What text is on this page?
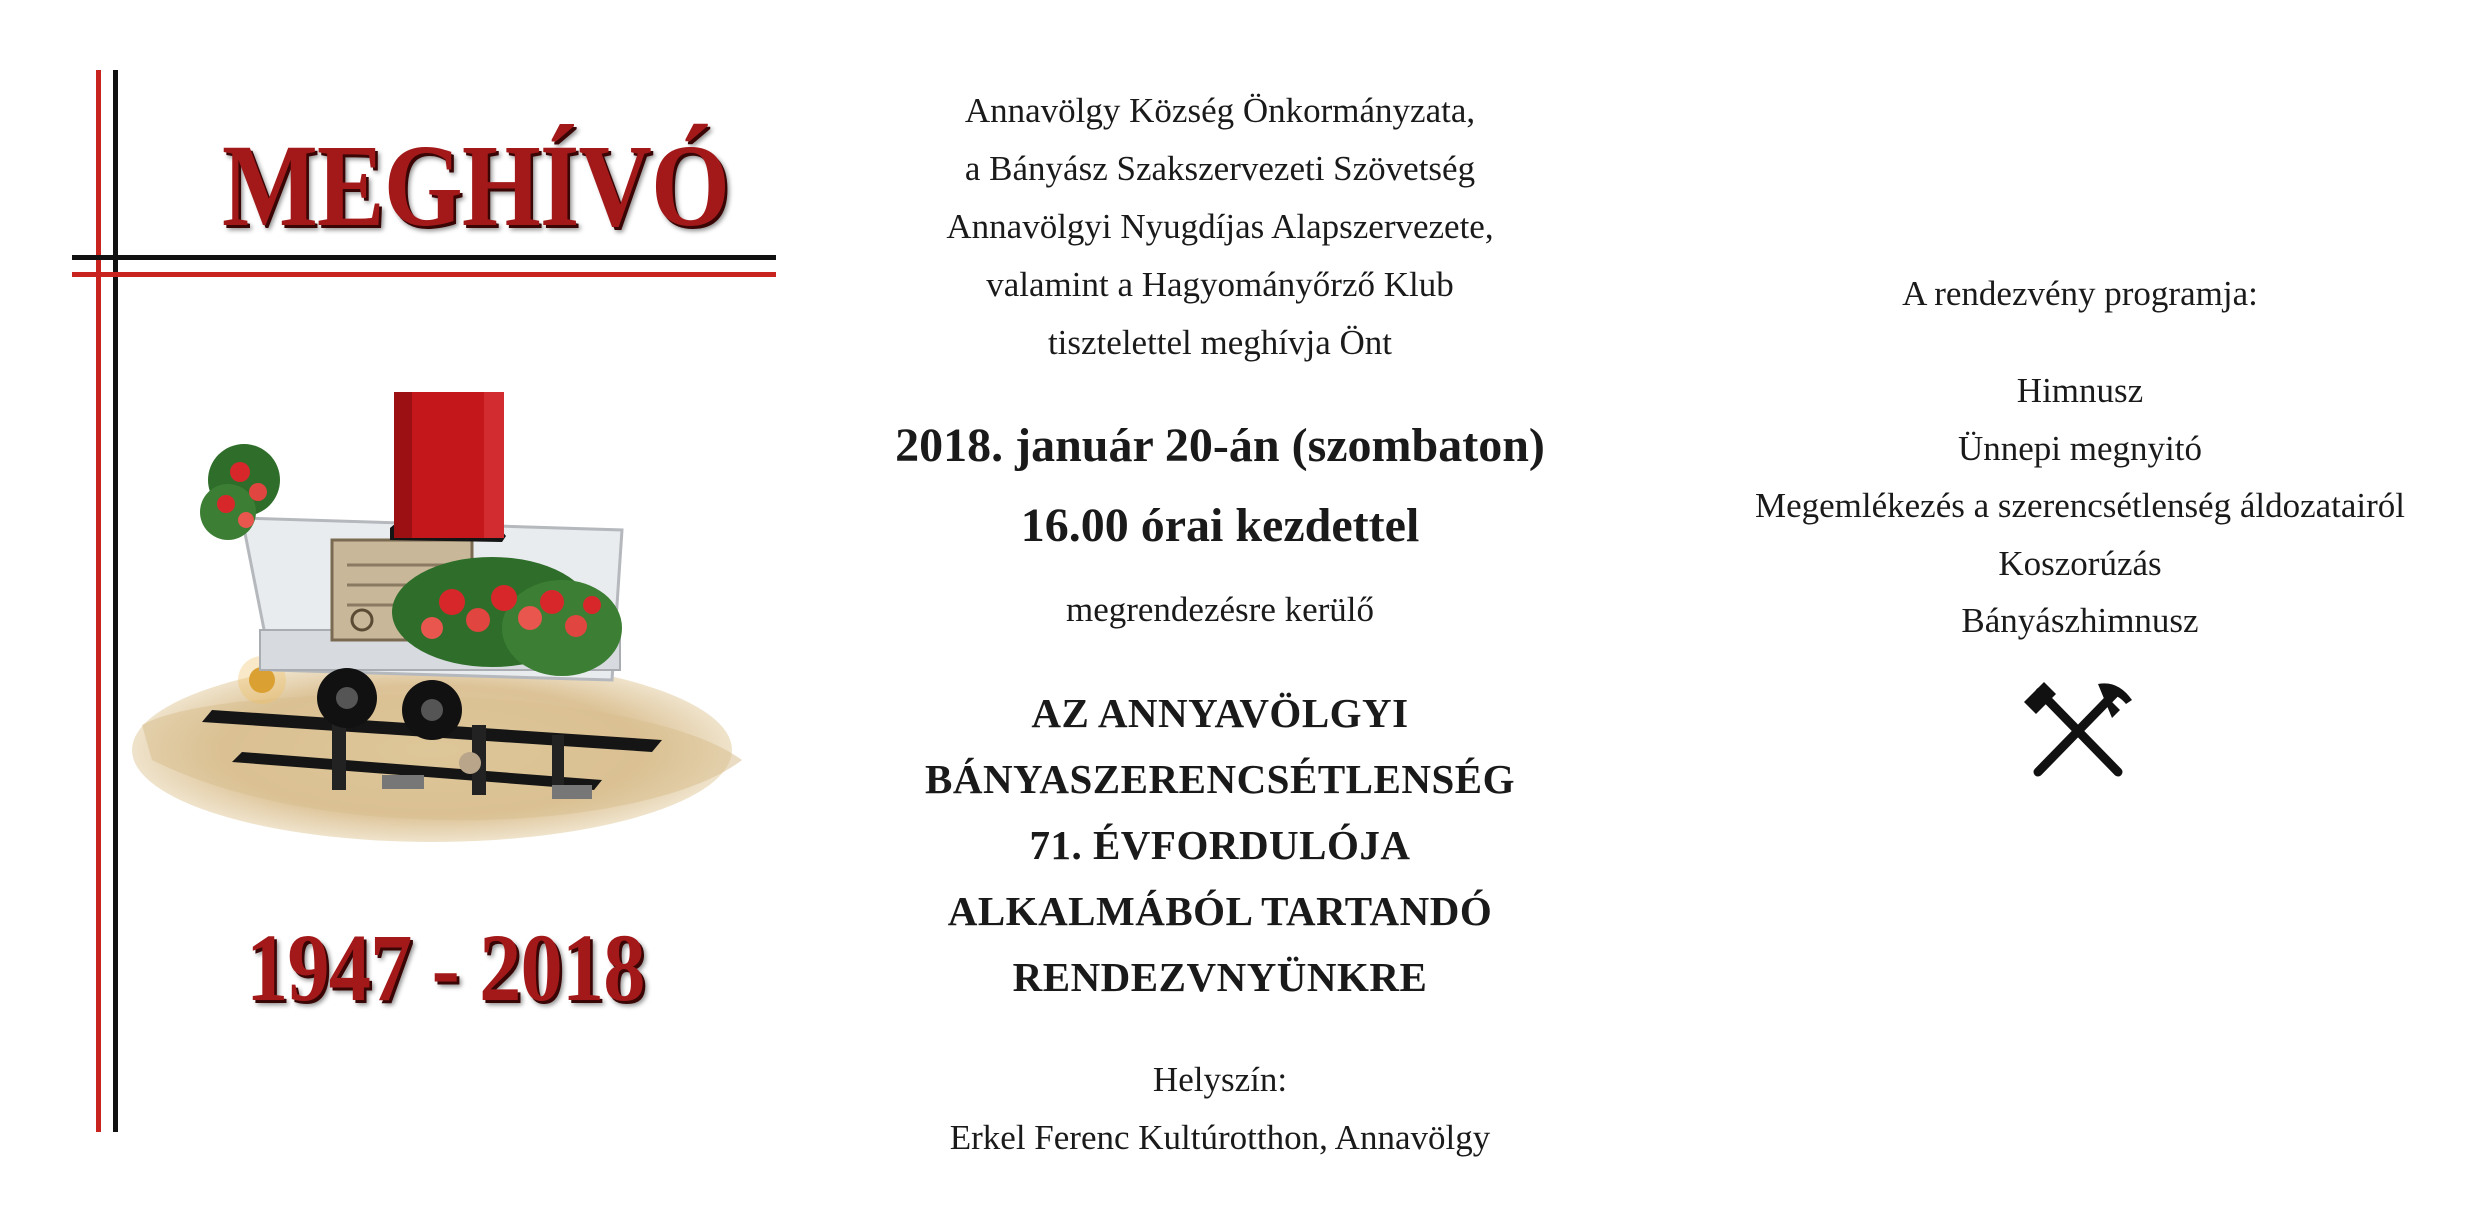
MEGHÍVÓ
1947 - 2018
Annavölgy Község Önkormányzata,
a Bányász Szakszervezeti Szövetség
Annavölgyi Nyugdíjas Alapszervezete,
valamint a Hagyományőrző Klub
tisztelettel meghívja Önt
2018. január 20-án (szombaton)
16.00 órai kezdettel
megrendezésre kerülő
AZ ANNYAVÖLGYI
BÁNYASZERENCSÉTLENSÉG
71. ÉVFORDULÓJA
ALKALMÁBÓL TARTANDÓ
RENDEZVNYÜNKRE
Helyszín:
Erkel Ferenc Kultúrotthon, Annavölgy
A rendezvény programja:
Himnusz
Ünnepi megnyitó
Megemlékezés a szerencsétlenség áldozatairól
Koszorúzás
Bányászhimnusz
